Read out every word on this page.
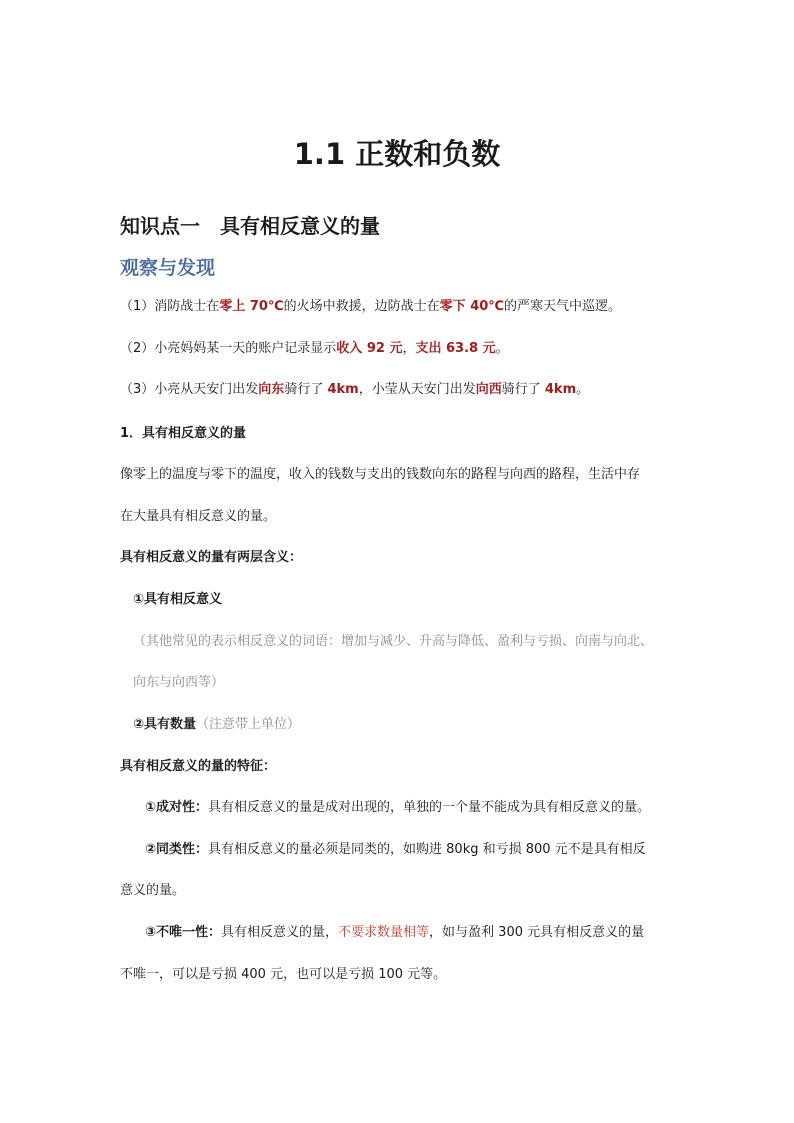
1.1 正数和负数
知识点一　具有相反意义的量
观察与发现
（1）消防战士在零上 70℃的火场中救援，边防战士在零下 40℃的严寒天气中巡逻。
（2）小亮妈妈某一天的账户记录显示收入 92 元，支出 63.8 元。
（3）小亮从天安门出发向东骑行了 4km，小莹从天安门出发向西骑行了 4km。
1．具有相反意义的量
像零上的温度与零下的温度，收入的钱数与支出的钱数向东的路程与向西的路程，生活中存
在大量具有相反意义的量。
具有相反意义的量有两层含义：
①具有相反意义
（其他常见的表示相反意义的词语：增加与减少、升高与降低、盈利与亏损、向南与向北、
向东与向西等）
②具有数量（注意带上单位）
具有相反意义的量的特征：
①成对性：具有相反意义的量是成对出现的，单独的一个量不能成为具有相反意义的量。
②同类性：具有相反意义的量必须是同类的，如购进 80kg 和亏损 800 元不是具有相反
意义的量。
③不唯一性：具有相反意义的量，不要求数量相等，如与盈利 300 元具有相反意义的量
不唯一，可以是亏损 400 元，也可以是亏损 100 元等。
